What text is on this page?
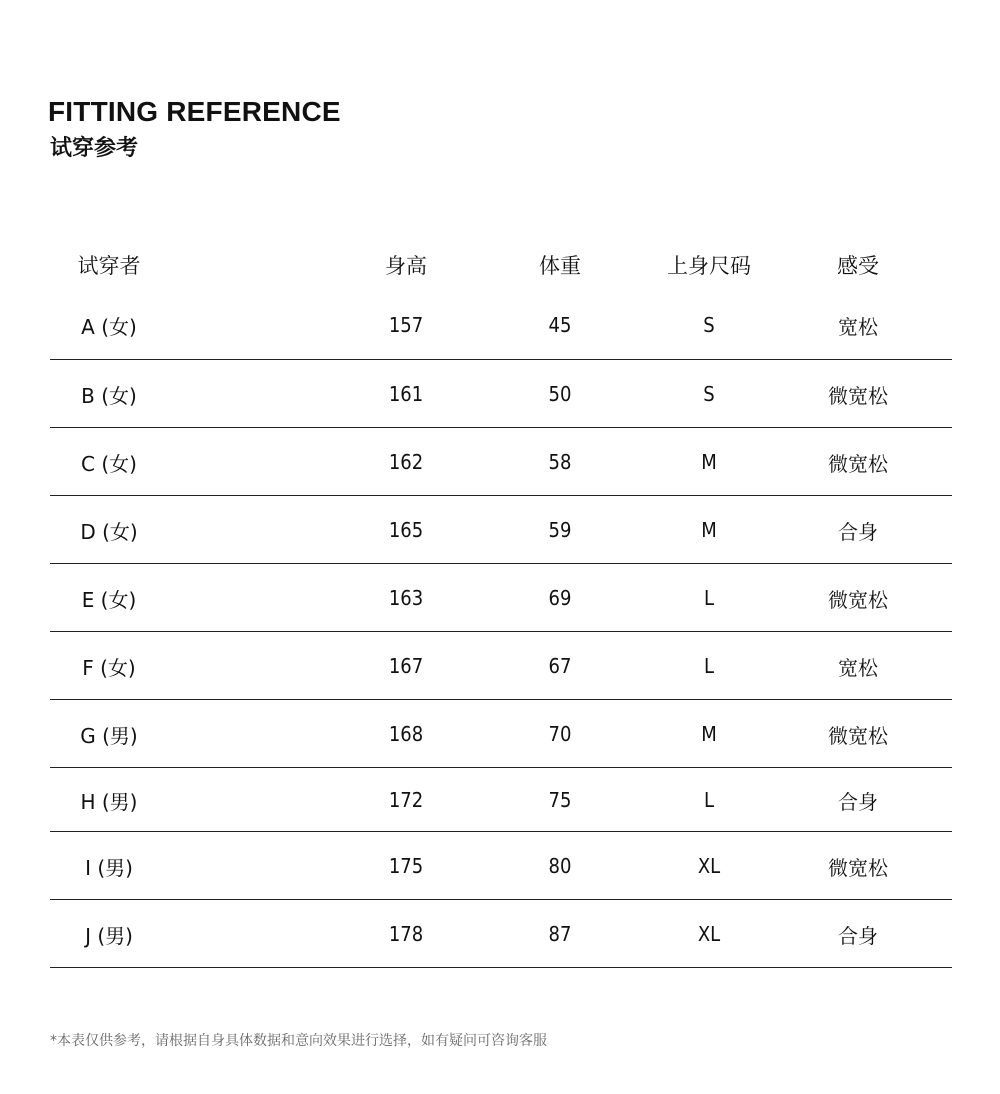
FITTING REFERENCE
试穿参考
试穿者	身高	体重	上身尺码	感受
A (女)	157	45	S	宽松
B (女)	161	50	S	微宽松
C (女)	162	58	M	微宽松
D (女)	165	59	M	合身
E (女)	163	69	L	微宽松
F (女)	167	67	L	宽松
G (男)	168	70	M	微宽松
H (男)	172	75	L	合身
I (男)	175	80	XL	微宽松
J (男)	178	87	XL	合身
*本表仅供参考，请根据自身具体数据和意向效果进行选择，如有疑问可咨询客服
